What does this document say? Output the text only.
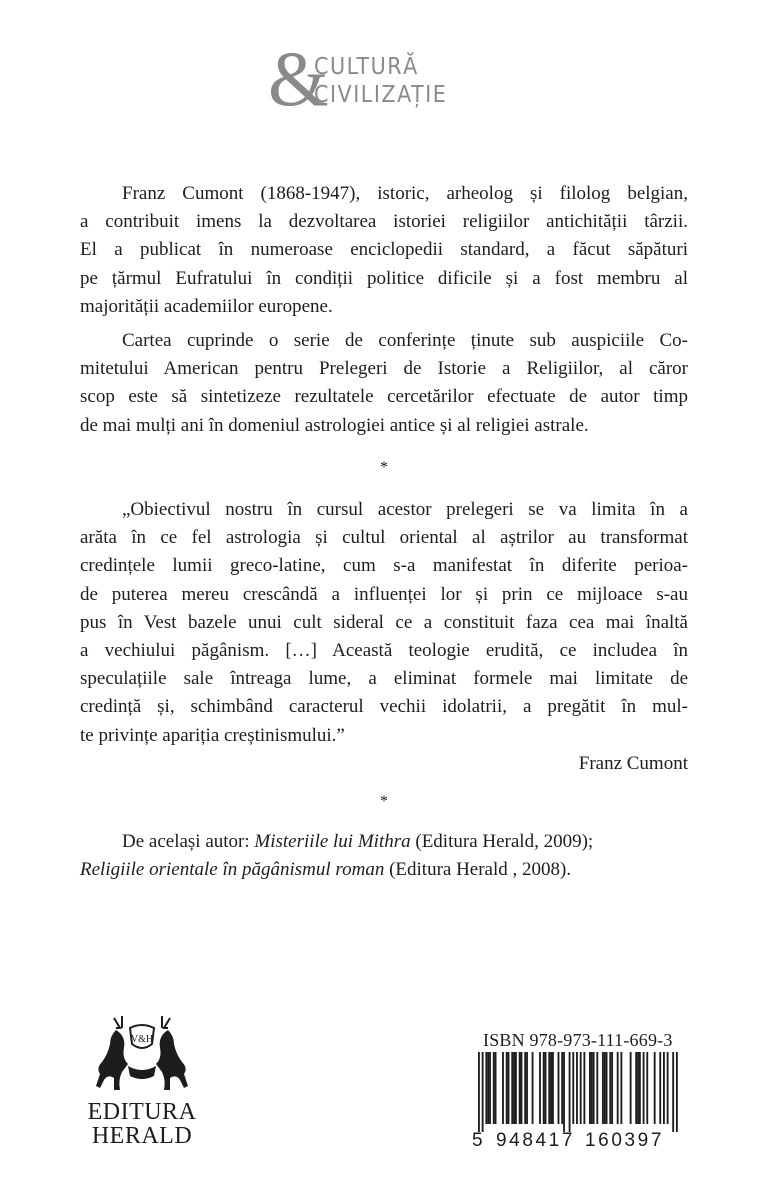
&
CULTURĂ
CIVILIZAȚIE
Franz Cumont (1868-1947), istoric, arheolog și filolog belgian,
a contribuit imens la dezvoltarea istoriei religiilor antichității târzii.
El a publicat în numeroase enciclopedii standard, a făcut săpături
pe țărmul Eufratului în condiții politice dificile și a fost membru al
majorității academiilor europene.
Cartea cuprinde o serie de conferințe ținute sub auspiciile Co-
mitetului American pentru Prelegeri de Istorie a Religiilor, al căror
scop este să sintetizeze rezultatele cercetărilor efectuate de autor timp
de mai mulți ani în domeniul astrologiei antice și al religiei astrale.
*
„Obiectivul nostru în cursul acestor prelegeri se va limita în a
arăta în ce fel astrologia și cultul oriental al aștrilor au transformat
credințele lumii greco-latine, cum s-a manifestat în diferite perioa-
de puterea mereu crescândă a influenței lor și prin ce mijloace s-au
pus în Vest bazele unui cult sideral ce a constituit faza cea mai înaltă
a vechiului păgânism. […] Această teologie erudită, ce includea în
speculațiile sale întreaga lume, a eliminat formele mai limitate de
credință și, schimbând caracterul vechii idolatrii, a pregătit în mul-
te privințe apariția creștinismului.”
Franz Cumont
*
De același autor: Misteriile lui Mithra (Editura Herald, 2009);
Religiile orientale în păgânismul roman (Editura Herald , 2008).
V&H
EDITURA
HERALD
ISBN 978-973-111-669-3
5 948417 160397
